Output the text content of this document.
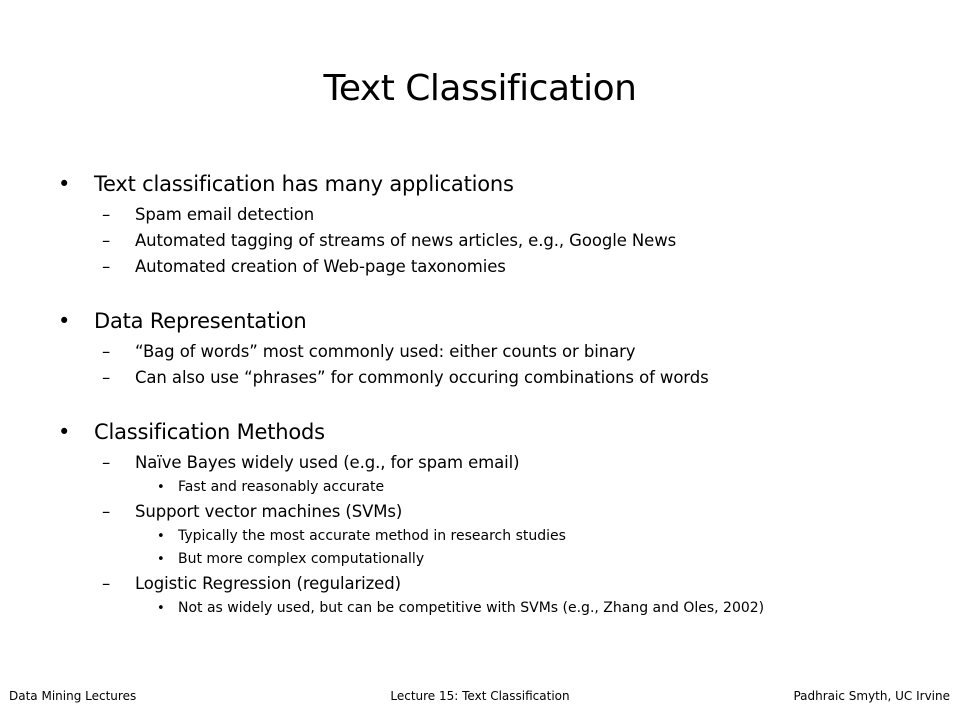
Text Classification
•	Text classification has many applications
–	Spam email detection
–	Automated tagging of streams of news articles, e.g., Google News
–	Automated creation of Web-page taxonomies
•	Data Representation
–	“Bag of words” most commonly used: either counts or binary
–	Can also use “phrases” for commonly occuring combinations of words
•	Classification Methods
–	Naïve Bayes widely used (e.g., for spam email)
• Fast and reasonably accurate
–	Support vector machines (SVMs)
• Typically the most accurate method in research studies
• But more complex computationally
–	Logistic Regression (regularized)
• Not as widely used, but can be competitive with SVMs (e.g., Zhang and Oles, 2002)
Data Mining Lectures	Lecture 15: Text Classification	Padhraic Smyth, UC Irvine
